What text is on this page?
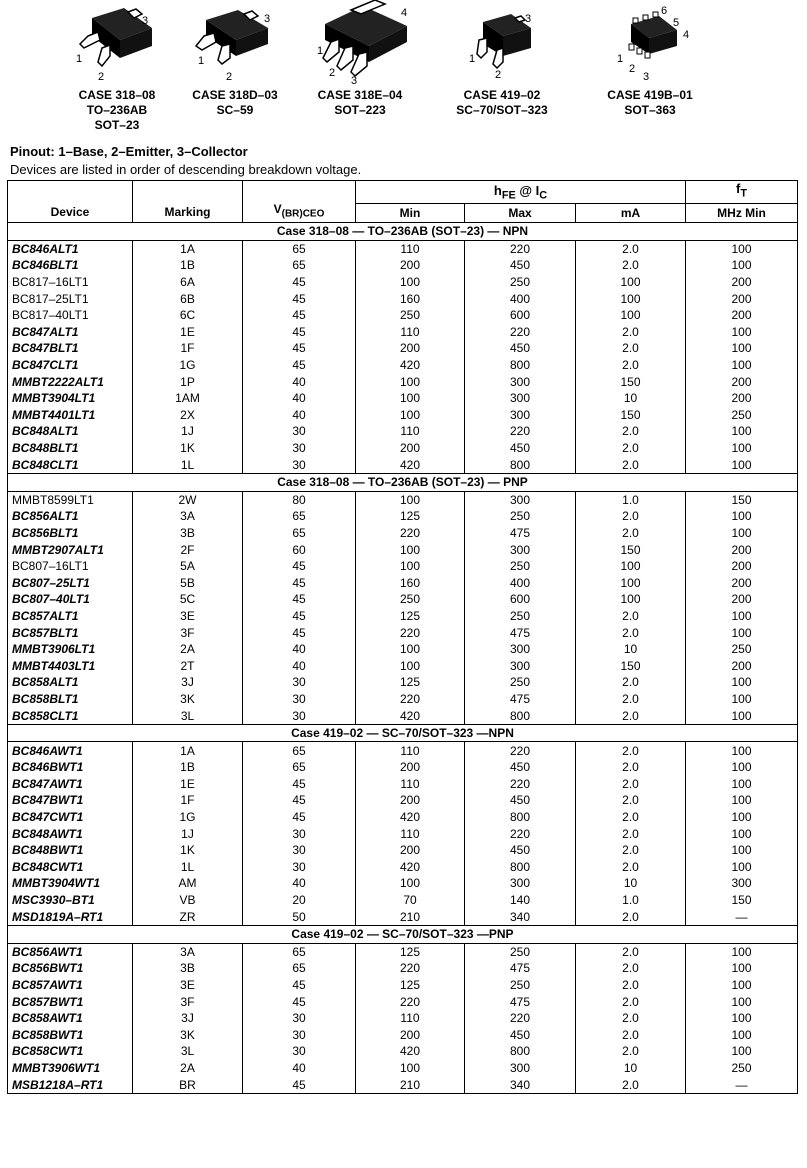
3
1
2
CASE 318–08
TO–236AB
SOT–23
3
1
2
CASE 318D–03
SC–59
4
1
2
3
CASE 318E–04
SOT–223
3
1
2
CASE 419–02
SC–70/SOT–323
6
5
4
1
2
3
CASE 419B–01
SOT–363
Pinout: 1–Base, 2–Emitter, 3–Collector
Devices are listed in order of descending breakdown voltage.
Device	Marking	$V_{(BR)CEO}$	$h_{FE}$ @ $I_C$			$f_T$
			Min	Max	mA	MHz Min
Case 318–08 — TO–236AB (SOT–23) — NPN						
BC846ALT1	1A	65	110	220	2.0	100
BC846BLT1	1B	65	200	450	2.0	100
BC817–16LT1	6A	45	100	250	100	200
BC817–25LT1	6B	45	160	400	100	200
BC817–40LT1	6C	45	250	600	100	200
BC847ALT1	1E	45	110	220	2.0	100
BC847BLT1	1F	45	200	450	2.0	100
BC847CLT1	1G	45	420	800	2.0	100
MMBT2222ALT1	1P	40	100	300	150	200
MMBT3904LT1	1AM	40	100	300	10	200
MMBT4401LT1	2X	40	100	300	150	250
BC848ALT1	1J	30	110	220	2.0	100
BC848BLT1	1K	30	200	450	2.0	100
BC848CLT1	1L	30	420	800	2.0	100
Case 318–08 — TO–236AB (SOT–23) — PNP						
MMBT8599LT1	2W	80	100	300	1.0	150
BC856ALT1	3A	65	125	250	2.0	100
BC856BLT1	3B	65	220	475	2.0	100
MMBT2907ALT1	2F	60	100	300	150	200
BC807–16LT1	5A	45	100	250	100	200
BC807–25LT1	5B	45	160	400	100	200
BC807–40LT1	5C	45	250	600	100	200
BC857ALT1	3E	45	125	250	2.0	100
BC857BLT1	3F	45	220	475	2.0	100
MMBT3906LT1	2A	40	100	300	10	250
MMBT4403LT1	2T	40	100	300	150	200
BC858ALT1	3J	30	125	250	2.0	100
BC858BLT1	3K	30	220	475	2.0	100
BC858CLT1	3L	30	420	800	2.0	100
Case 419–02 — SC–70/SOT–323 —NPN						
BC846AWT1	1A	65	110	220	2.0	100
BC846BWT1	1B	65	200	450	2.0	100
BC847AWT1	1E	45	110	220	2.0	100
BC847BWT1	1F	45	200	450	2.0	100
BC847CWT1	1G	45	420	800	2.0	100
BC848AWT1	1J	30	110	220	2.0	100
BC848BWT1	1K	30	200	450	2.0	100
BC848CWT1	1L	30	420	800	2.0	100
MMBT3904WT1	AM	40	100	300	10	300
MSC3930–BT1	VB	20	70	140	1.0	150
MSD1819A–RT1	ZR	50	210	340	2.0	—
Case 419–02 — SC–70/SOT–323 —PNP						
BC856AWT1	3A	65	125	250	2.0	100
BC856BWT1	3B	65	220	475	2.0	100
BC857AWT1	3E	45	125	250	2.0	100
BC857BWT1	3F	45	220	475	2.0	100
BC858AWT1	3J	30	110	220	2.0	100
BC858BWT1	3K	30	200	450	2.0	100
BC858CWT1	3L	30	420	800	2.0	100
MMBT3906WT1	2A	40	100	300	10	250
MSB1218A–RT1	BR	45	210	340	2.0	—
